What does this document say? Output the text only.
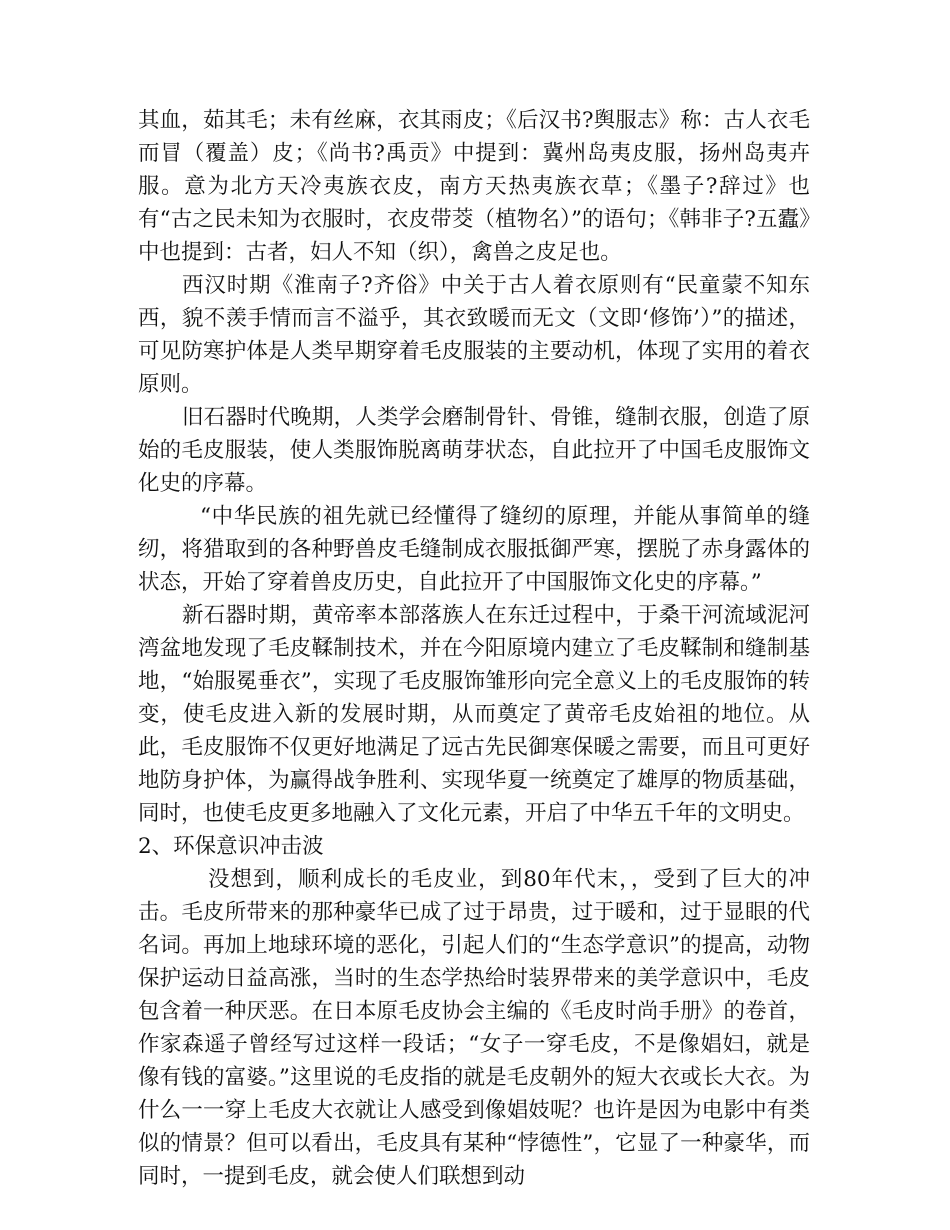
其血，茹其毛；未有丝麻，衣其雨皮；《后汉书?舆服志》称：古人衣毛而冒（覆盖）皮；《尚书?禹贡》中提到：冀州岛夷皮服，扬州岛夷卉服。意为北方天冷夷族衣皮，南方天热夷族衣草；《墨子?辞过》也有“古之民未知为衣服时，衣皮带茭（植物名）”的语句；《韩非子?五蠹》中也提到：古者，妇人不知（织），禽兽之皮足也。

西汉时期《淮南子?齐俗》中关于古人着衣原则有“民童蒙不知东西，貌不羡手情而言不溢乎，其衣致暖而无文（文即‘修饰’）”的描述，可见防寒护体是人类早期穿着毛皮服装的主要动机，体现了实用的着衣原则。

旧石器时代晚期，人类学会磨制骨针、骨锥，缝制衣服，创造了原始的毛皮服装，使人类服饰脱离萌芽状态，自此拉开了中国毛皮服饰文化史的序幕。

“中华民族的祖先就已经懂得了缝纫的原理，并能从事简单的缝纫，将猎取到的各种野兽皮毛缝制成衣服抵御严寒，摆脱了赤身露体的状态，开始了穿着兽皮历史，自此拉开了中国服饰文化史的序幕。”

新石器时期，黄帝率本部落族人在东迁过程中，于桑干河流域泥河湾盆地发现了毛皮鞣制技术，并在今阳原境内建立了毛皮鞣制和缝制基地，“始服冕垂衣”，实现了毛皮服饰雏形向完全意义上的毛皮服饰的转变，使毛皮进入新的发展时期，从而奠定了黄帝毛皮始祖的地位。从此，毛皮服饰不仅更好地满足了远古先民御寒保暖之需要，而且可更好地防身护体，为赢得战争胜利、实现华夏一统奠定了雄厚的物质基础，同时，也使毛皮更多地融入了文化元素，开启了中华五千年的文明史。

2、环保意识冲击波

没想到，顺利成长的毛皮业，到80年代末，，受到了巨大的冲击。毛皮所带来的那种豪华已成了过于昂贵，过于暖和，过于显眼的代名词。再加上地球环境的恶化，引起人们的“生态学意识”的提高，动物保护运动日益高涨，当时的生态学热给时装界带来的美学意识中，毛皮包含着一种厌恶。在日本原毛皮协会主编的《毛皮时尚手册》的卷首，作家森遥子曾经写过这样一段话；“女子一穿毛皮，不是像娼妇，就是像有钱的富婆。”这里说的毛皮指的就是毛皮朝外的短大衣或长大衣。为什么一一穿上毛皮大衣就让人感受到像娼妓呢？也许是因为电影中有类似的情景？但可以看出，毛皮具有某种“悖德性”，它显了一种豪华，而同时，一提到毛皮，就会使人们联想到动
